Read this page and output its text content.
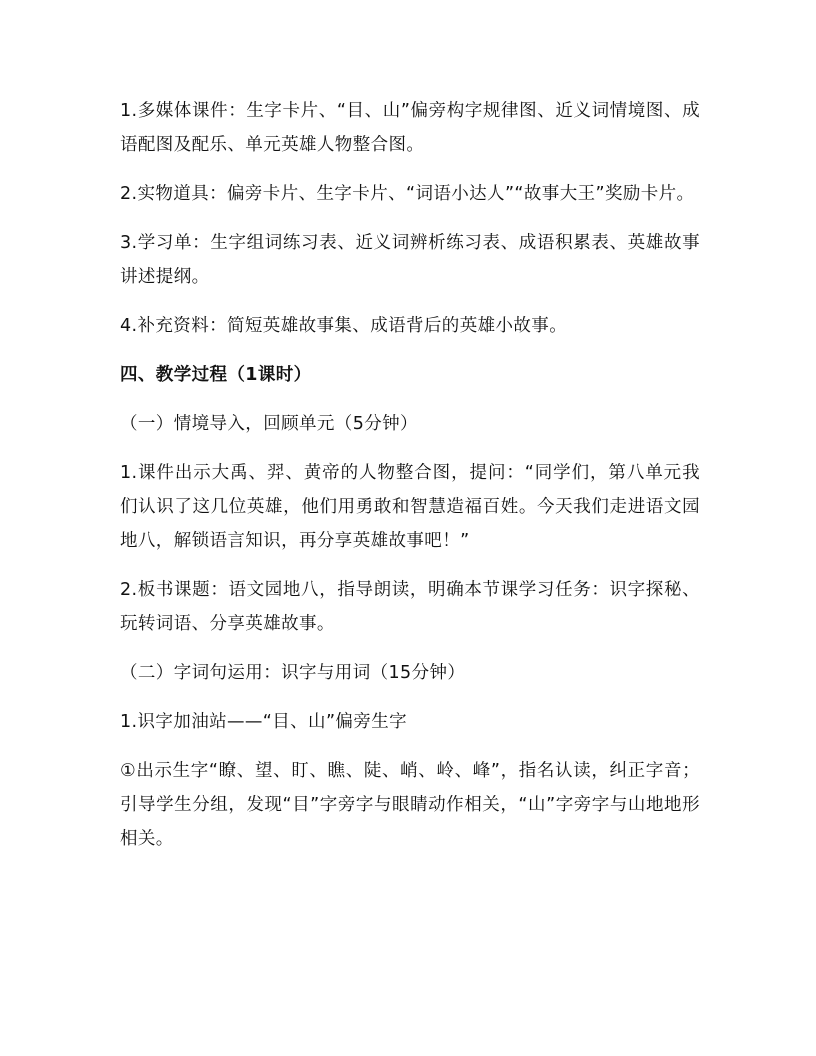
1.多媒体课件：生字卡片、“目、山”偏旁构字规律图、近义词情境图、成语配图及配乐、单元英雄人物整合图。

2.实物道具：偏旁卡片、生字卡片、“词语小达人”“故事大王”奖励卡片。

3.学习单：生字组词练习表、近义词辨析练习表、成语积累表、英雄故事讲述提纲。

4.补充资料：简短英雄故事集、成语背后的英雄小故事。

四、教学过程（1课时）

（一）情境导入，回顾单元（5分钟）

1.课件出示大禹、羿、黄帝的人物整合图，提问：“同学们，第八单元我们认识了这几位英雄，他们用勇敢和智慧造福百姓。今天我们走进语文园地八，解锁语言知识，再分享英雄故事吧！”

2.板书课题：语文园地八，指导朗读，明确本节课学习任务：识字探秘、玩转词语、分享英雄故事。

（二）字词句运用：识字与用词（15分钟）

1.识字加油站——“目、山”偏旁生字

①出示生字“瞭、望、盯、瞧、陡、峭、岭、峰”，指名认读，纠正字音；引导学生分组，发现“目”字旁字与眼睛动作相关，“山”字旁字与山地地形相关。
